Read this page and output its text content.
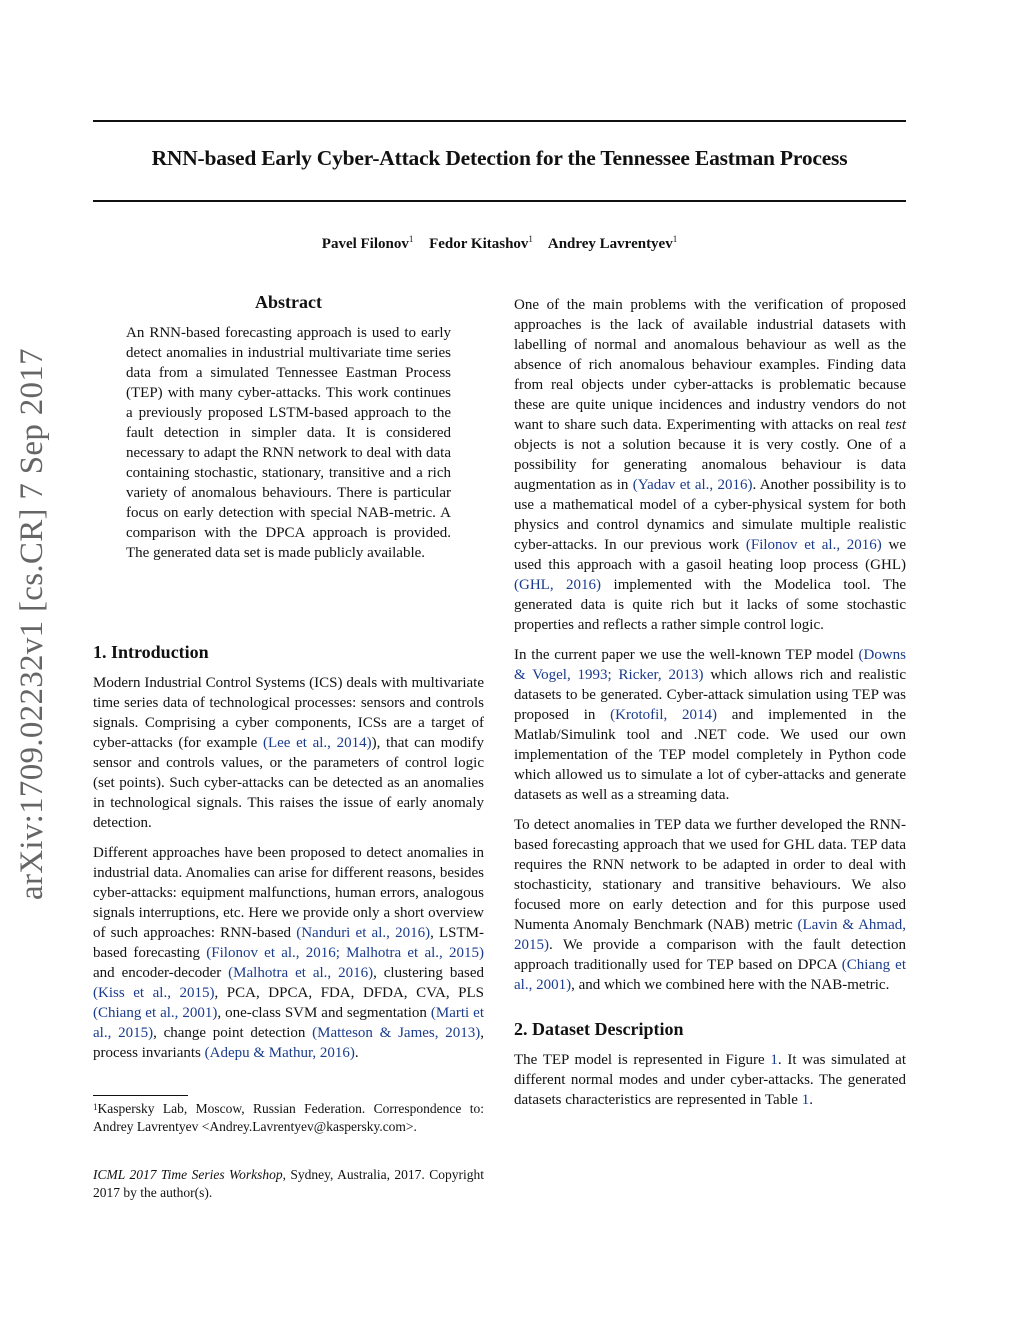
arXiv:1709.02232v1 [cs.CR] 7 Sep 2017
RNN-based Early Cyber-Attack Detection for the Tennessee Eastman Process
Pavel Filonov$^1$ Fedor Kitashov$^1$ Andrey Lavrentyev$^1$
Abstract

An RNN-based forecasting approach is used to early detect anomalies in industrial multivariate time series data from a simulated Tennessee Eastman Process (TEP) with many cyber-attacks. This work continues a previously proposed LSTM-based approach to the fault detection in simpler data. It is considered necessary to adapt the RNN network to deal with data containing stochastic, stationary, transitive and a rich variety of anomalous behaviours. There is particular focus on early detection with special NAB-metric. A comparison with the DPCA approach is provided. The generated data set is made publicly available.

1. Introduction

Modern Industrial Control Systems (ICS) deals with multivariate time series data of technological processes: sensors and controls signals. Comprising a cyber components, ICSs are a target of cyber-attacks (for example (Lee et al., 2014)), that can modify sensor and controls values, or the parameters of control logic (set points). Such cyber-attacks can be detected as an anomalies in technological signals. This raises the issue of early anomaly detection.

Different approaches have been proposed to detect anomalies in industrial data. Anomalies can arise for different reasons, besides cyber-attacks: equipment malfunctions, human errors, analogous signals interruptions, etc. Here we provide only a short overview of such approaches: RNN-based (Nanduri et al., 2016), LSTM-based forecasting (Filonov et al., 2016; Malhotra et al., 2015) and encoder-decoder (Malhotra et al., 2016), clustering based (Kiss et al., 2015), PCA, DPCA, FDA, DFDA, CVA, PLS (Chiang et al., 2001), one-class SVM and segmentation (Marti et al., 2015), change point detection (Matteson & James, 2013), process invariants (Adepu & Mathur, 2016).

$^1$Kaspersky Lab, Moscow, Russian Federation. Correspondence to: Andrey Lavrentyev <Andrey.Lavrentyev@kaspersky.com>.
ICML 2017 Time Series Workshop, Sydney, Australia, 2017. Copyright 2017 by the author(s).

One of the main problems with the verification of proposed approaches is the lack of available industrial datasets with labelling of normal and anomalous behaviour as well as the absence of rich anomalous behaviour examples. Finding data from real objects under cyber-attacks is problematic because these are quite unique incidences and industry vendors do not want to share such data. Experimenting with attacks on real test objects is not a solution because it is very costly. One of a possibility for generating anomalous behaviour is data augmentation as in (Yadav et al., 2016). Another possibility is to use a mathematical model of a cyber-physical system for both physics and control dynamics and simulate multiple realistic cyber-attacks. In our previous work (Filonov et al., 2016) we used this approach with a gasoil heating loop process (GHL) (GHL, 2016) implemented with the Modelica tool. The generated data is quite rich but it lacks of some stochastic properties and reflects a rather simple control logic.

In the current paper we use the well-known TEP model (Downs & Vogel, 1993; Ricker, 2013) which allows rich and realistic datasets to be generated. Cyber-attack simulation using TEP was proposed in (Krotofil, 2014) and implemented in the Matlab/Simulink tool and .NET code. We used our own implementation of the TEP model completely in Python code which allowed us to simulate a lot of cyber-attacks and generate datasets as well as a streaming data.

To detect anomalies in TEP data we further developed the RNN-based forecasting approach that we used for GHL data. TEP data requires the RNN network to be adapted in order to deal with stochasticity, stationary and transitive behaviours. We also focused more on early detection and for this purpose used Numenta Anomaly Benchmark (NAB) metric (Lavin & Ahmad, 2015). We provide a comparison with the fault detection approach traditionally used for TEP based on DPCA (Chiang et al., 2001), and which we combined here with the NAB-metric.

2. Dataset Description

The TEP model is represented in Figure 1. It was simulated at different normal modes and under cyber-attacks. The generated datasets characteristics are represented in Table 1.
